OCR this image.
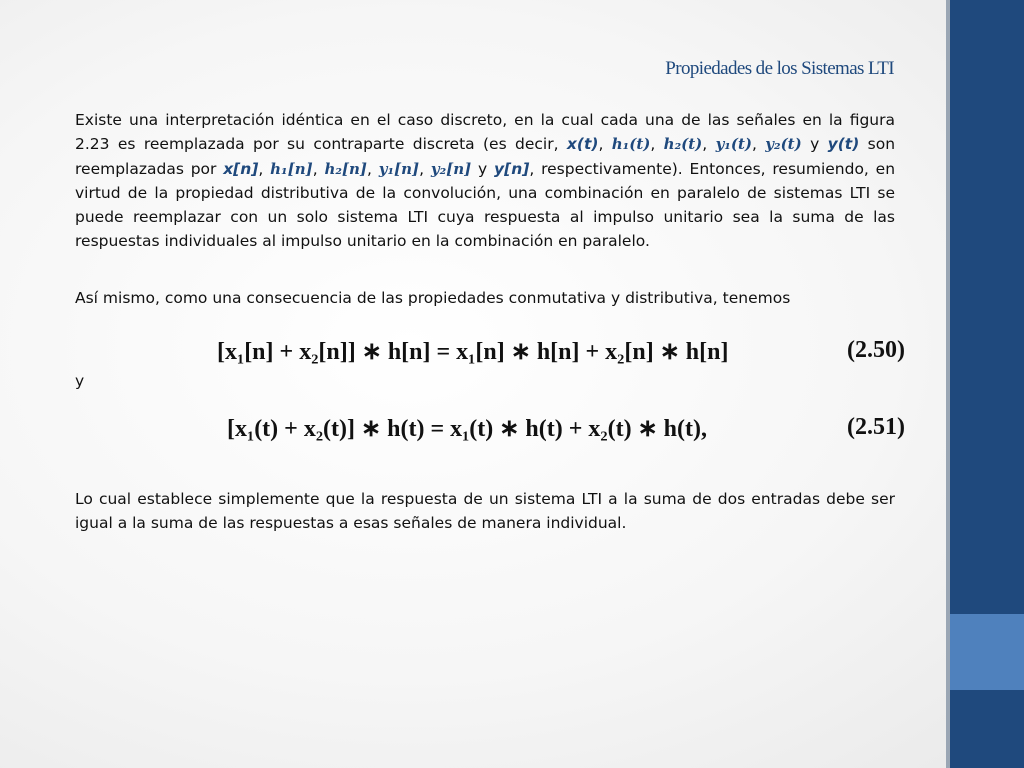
Propiedades de los Sistemas LTI

Existe una interpretación idéntica en el caso discreto, en la cual cada una de las señales en la figura 2.23 es reemplazada por su contraparte discreta (es decir, x(t), h₁(t), h₂(t), y₁(t), y₂(t) y y(t) son reemplazadas por x[n], h₁[n], h₂[n], y₁[n], y₂[n] y y[n], respectivamente). Entonces, resumiendo, en virtud de la propiedad distributiva de la convolución, una combinación en paralelo de sistemas LTI se puede reemplazar con un solo sistema LTI cuya respuesta al impulso unitario sea la suma de las respuestas individuales al impulso unitario en la combinación en paralelo.

Así mismo, como una consecuencia de las propiedades conmutativa y distributiva, tenemos

[x₁[n] + x₂[n]] ∗ h[n] = x₁[n] ∗ h[n] + x₂[n] ∗ h[n]	(2.50)
y
[x₁(t) + x₂(t)] ∗ h(t) = x₁(t) ∗ h(t) + x₂(t) ∗ h(t),	(2.51)

Lo cual establece simplemente que la respuesta de un sistema LTI a la suma de dos entradas debe ser igual a la suma de las respuestas a esas señales de manera individual.
